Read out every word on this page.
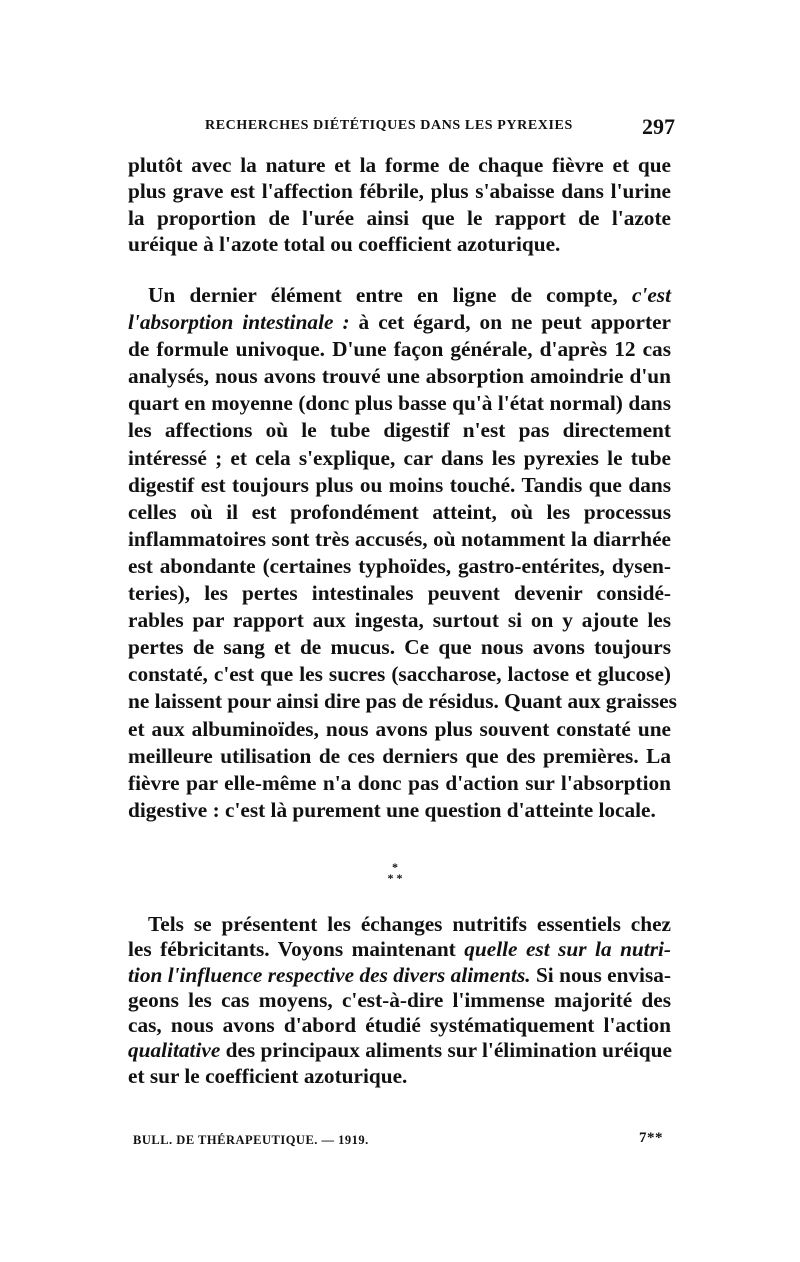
RECHERCHES DIÉTÉTIQUES DANS LES PYREXIES	297
plutôt avec la nature et la forme de chaque fièvre et que
plus grave est l'affection fébrile, plus s'abaisse dans l'urine
la proportion de l'urée ainsi que le rapport de l'azote
uréique à l'azote total ou coefficient azoturique.
Un dernier élément entre en ligne de compte, c'est
l'absorption intestinale : à cet égard, on ne peut apporter
de formule univoque. D'une façon générale, d'après 12 cas
analysés, nous avons trouvé une absorption amoindrie d'un
quart en moyenne (donc plus basse qu'à l'état normal) dans
les affections où le tube digestif n'est pas directement
intéressé ; et cela s'explique, car dans les pyrexies le tube
digestif est toujours plus ou moins touché. Tandis que dans
celles où il est profondément atteint, où les processus
inflammatoires sont très accusés, où notamment la diarrhée
est abondante (certaines typhoïdes, gastro-entérites, dysen-
teries), les pertes intestinales peuvent devenir considé-
rables par rapport aux ingesta, surtout si on y ajoute les
pertes de sang et de mucus. Ce que nous avons toujours
constaté, c'est que les sucres (saccharose, lactose et glucose)
ne laissent pour ainsi dire pas de résidus. Quant aux graisses
et aux albuminoïdes, nous avons plus souvent constaté une
meilleure utilisation de ces derniers que des premières. La
fièvre par elle-même n'a donc pas d'action sur l'absorption
digestive : c'est là purement une question d'atteinte locale.
*
* *
Tels se présentent les échanges nutritifs essentiels chez
les fébricitants. Voyons maintenant quelle est sur la nutri-
tion l'influence respective des divers aliments. Si nous envisa-
geons les cas moyens, c'est-à-dire l'immense majorité des
cas, nous avons d'abord étudié systématiquement l'action
qualitative des principaux aliments sur l'élimination uréique
et sur le coefficient azoturique.
BULL. DE THÉRAPEUTIQUE. — 1919.	7**
